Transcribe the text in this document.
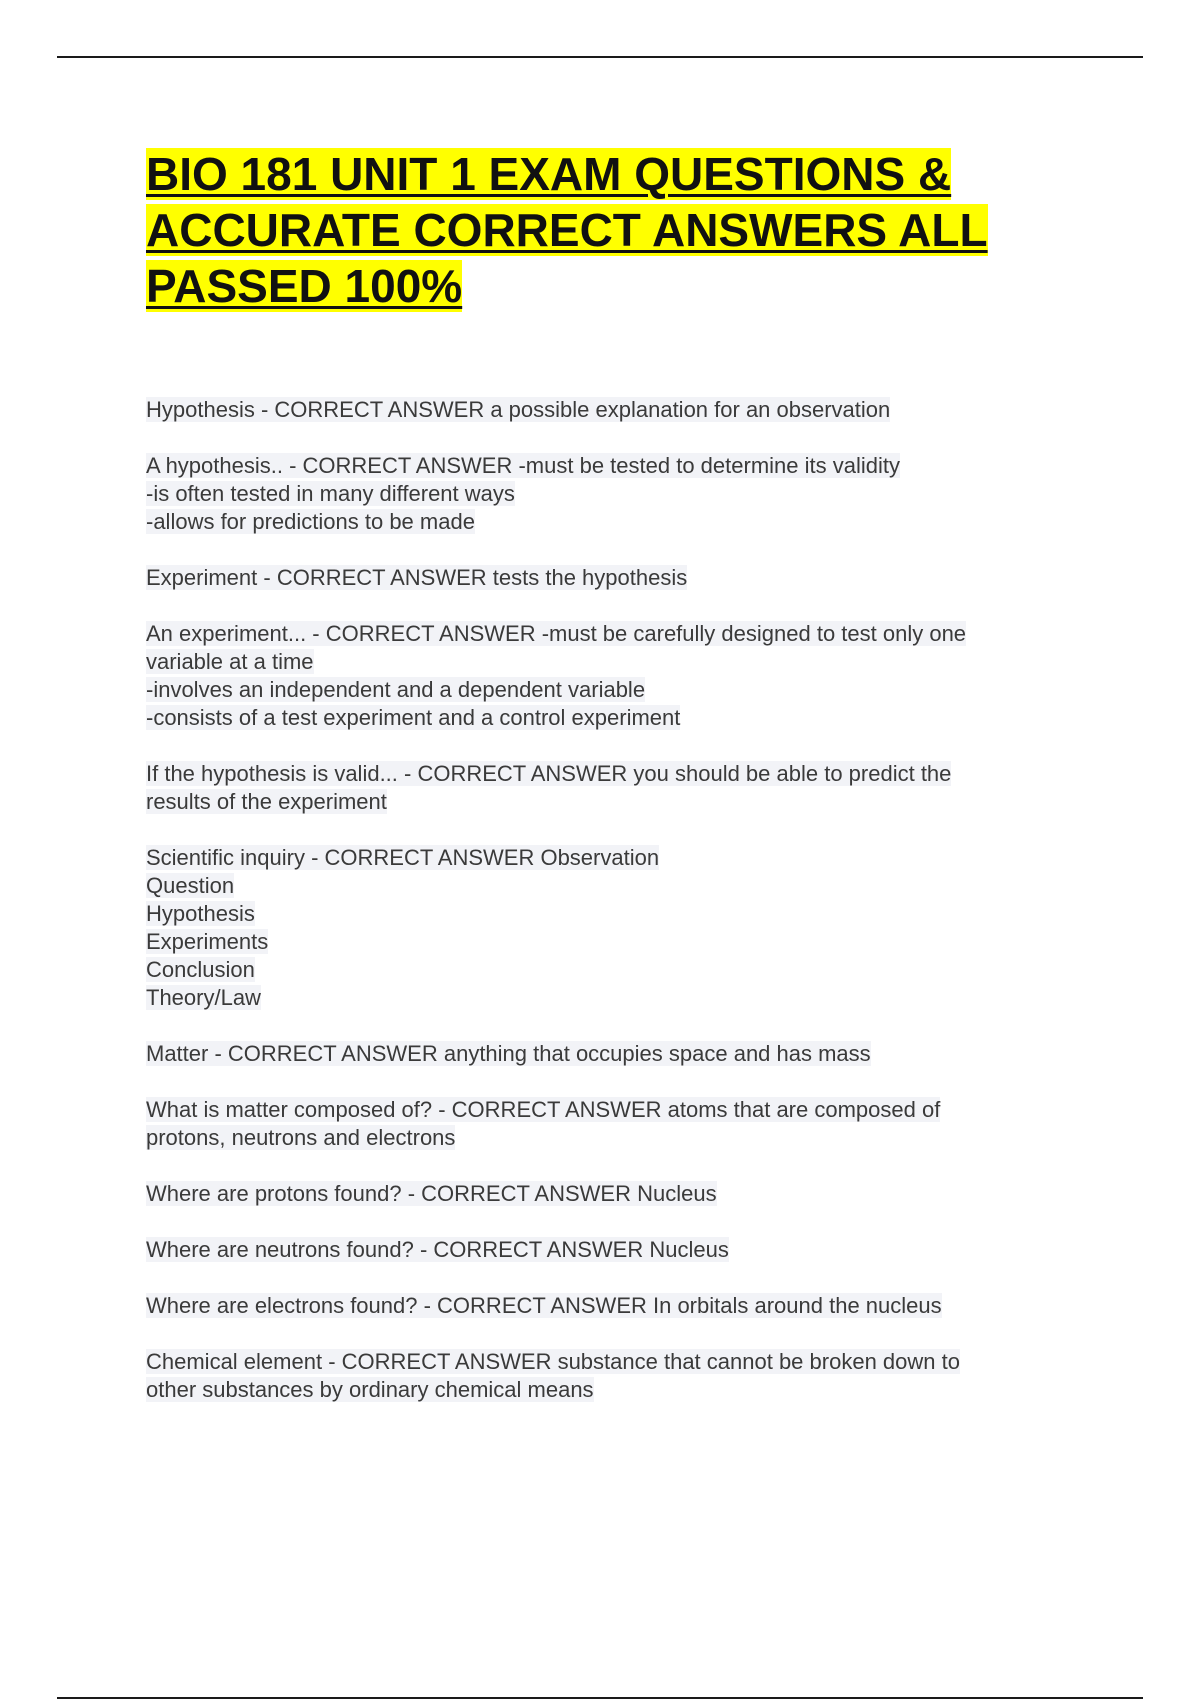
BIO 181 UNIT 1 EXAM QUESTIONS &
ACCURATE CORRECT ANSWERS ALL
PASSED 100%
Hypothesis - CORRECT ANSWER a possible explanation for an observation
A hypothesis.. - CORRECT ANSWER -must be tested to determine its validity
-is often tested in many different ways
-allows for predictions to be made
Experiment - CORRECT ANSWER tests the hypothesis
An experiment... - CORRECT ANSWER -must be carefully designed to test only one
variable at a time
-involves an independent and a dependent variable
-consists of a test experiment and a control experiment
If the hypothesis is valid... - CORRECT ANSWER you should be able to predict the
results of the experiment
Scientific inquiry - CORRECT ANSWER Observation
Question
Hypothesis
Experiments
Conclusion
Theory/Law
Matter - CORRECT ANSWER anything that occupies space and has mass
What is matter composed of? - CORRECT ANSWER atoms that are composed of
protons, neutrons and electrons
Where are protons found? - CORRECT ANSWER Nucleus
Where are neutrons found? - CORRECT ANSWER Nucleus
Where are electrons found? - CORRECT ANSWER In orbitals around the nucleus
Chemical element - CORRECT ANSWER substance that cannot be broken down to
other substances by ordinary chemical means
